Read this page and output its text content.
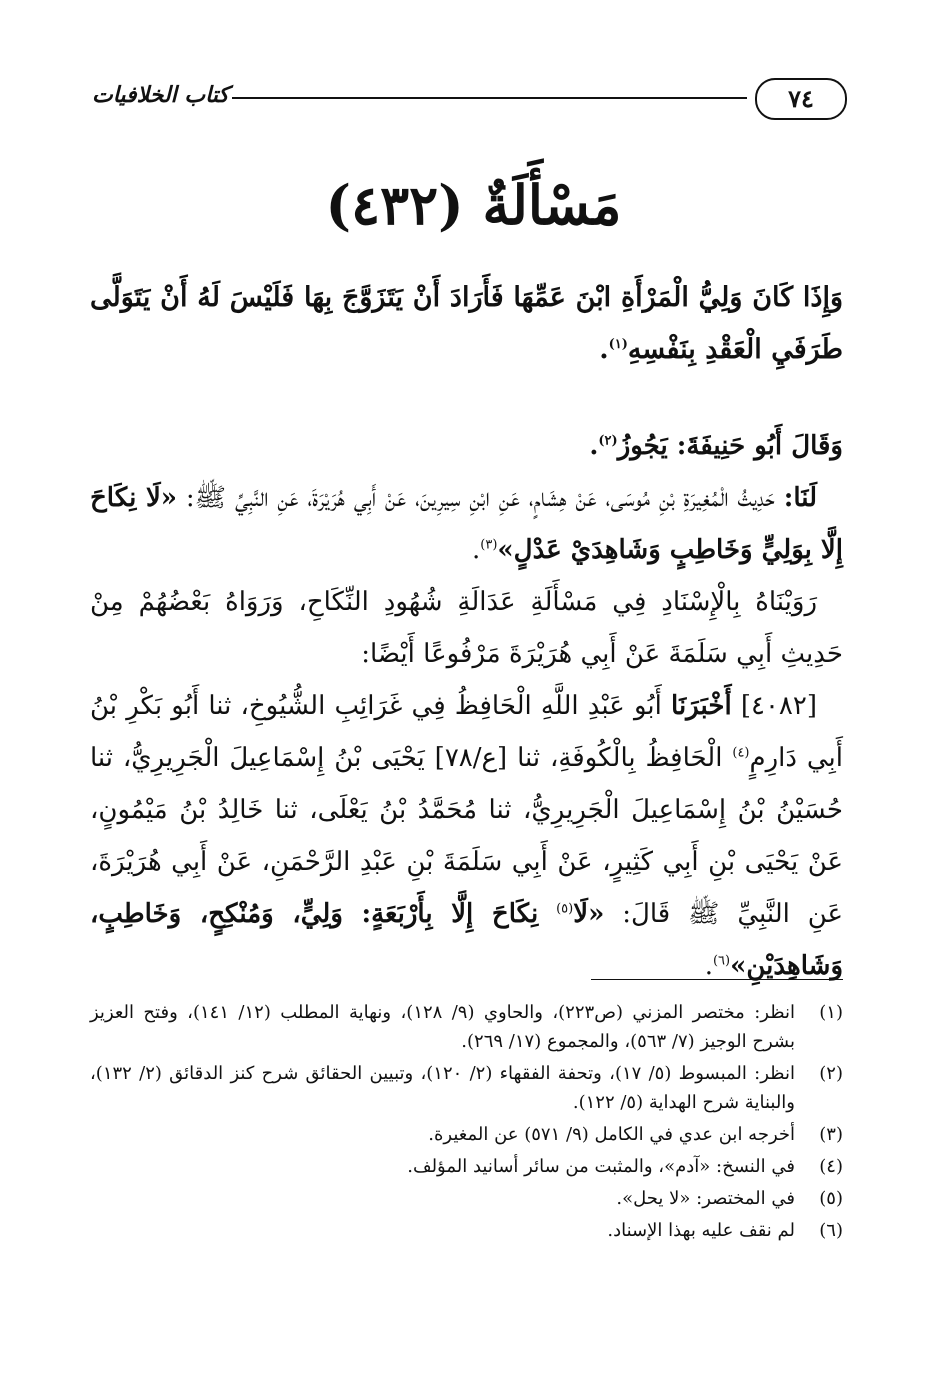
كتاب الخلافيات	٧٤
مَسْأَلَةٌ (٤٣٢)

وَإِذَا كَانَ وَلِيُّ الْمَرْأَةِ ابْنَ عَمِّهَا فَأَرَادَ أَنْ يَتَزَوَّجَ بِهَا فَلَيْسَ لَهُ أَنْ يَتَوَلَّى طَرَفَيِ الْعَقْدِ بِنَفْسِهِ$^{(١)}$.

وَقَالَ أَبُو حَنِيفَةَ: يَجُوزُ$^{(٢)}$.

 لَنَا: حَدِيثُ الْمُغِيرَةِ بْنِ مُوسَى، عَنْ هِشَامٍ، عَنِ ابْنِ سِيرِينَ، عَنْ أَبِي هُرَيْرَةَ، عَنِ النَّبِيِّ ﷺ: «لَا نِكَاحَ إِلَّا بِوَلِيٍّ وَخَاطِبٍ وَشَاهِدَيْ عَدْلٍ»$^{(٣)}$.

 رَوَيْنَاهُ بِالْإِسْنَادِ فِي مَسْأَلَةِ عَدَالَةِ شُهُودِ النِّكَاحِ، وَرَوَاهُ بَعْضُهُمْ مِنْ حَدِيثِ أَبِي سَلَمَةَ عَنْ أَبِي هُرَيْرَةَ مَرْفُوعًا أَيْضًا:

 [٤٠٨٢] أَخْبَرَنَا أَبُو عَبْدِ اللَّهِ الْحَافِظُ فِي غَرَائِبِ الشُّيُوخِ، ثنا أَبُو بَكْرِ بْنُ أَبِي دَارِمٍ$^{(٤)}$ الْحَافِظُ بِالْكُوفَةِ، ثنا [ع/٧٨] يَحْيَى بْنُ إِسْمَاعِيلَ الْجَرِيرِيُّ، ثنا حُسَيْنُ بْنُ إِسْمَاعِيلَ الْجَرِيرِيُّ، ثنا مُحَمَّدُ بْنُ يَعْلَى، ثنا خَالِدُ بْنُ مَيْمُونٍ، عَنْ يَحْيَى بْنِ أَبِي كَثِيرٍ، عَنْ أَبِي سَلَمَةَ بْنِ عَبْدِ الرَّحْمَنِ، عَنْ أَبِي هُرَيْرَةَ، عَنِ النَّبِيِّ ﷺ قَالَ: «لَا$^{(٥)}$ نِكَاحَ إِلَّا بِأَرْبَعَةٍ: وَلِيٍّ، وَمُنْكِحٍ، وَخَاطِبٍ، وَشَاهِدَيْنِ»$^{(٦)}$.

(١)
انظر: مختصر المزني (ص٢٢٣)، والحاوي (٩/ ١٢٨)، ونهاية المطلب (١٢/ ١٤١)، وفتح العزيز بشرح الوجيز (٧/ ٥٦٣)، والمجموع (١٧/ ٢٦٩).
(٢)
انظر: المبسوط (٥/ ١٧)، وتحفة الفقهاء (٢/ ١٢٠)، وتبيين الحقائق شرح كنز الدقائق (٢/ ١٣٢)، والبناية شرح الهداية (٥/ ١٢٢).
(٣)
أخرجه ابن عدي في الكامل (٩/ ٥٧١) عن المغيرة.
(٤)
في النسخ: «آدم»، والمثبت من سائر أسانيد المؤلف.
(٥)
في المختصر: «لا يحل».
(٦)
لم نقف عليه بهذا الإسناد.
